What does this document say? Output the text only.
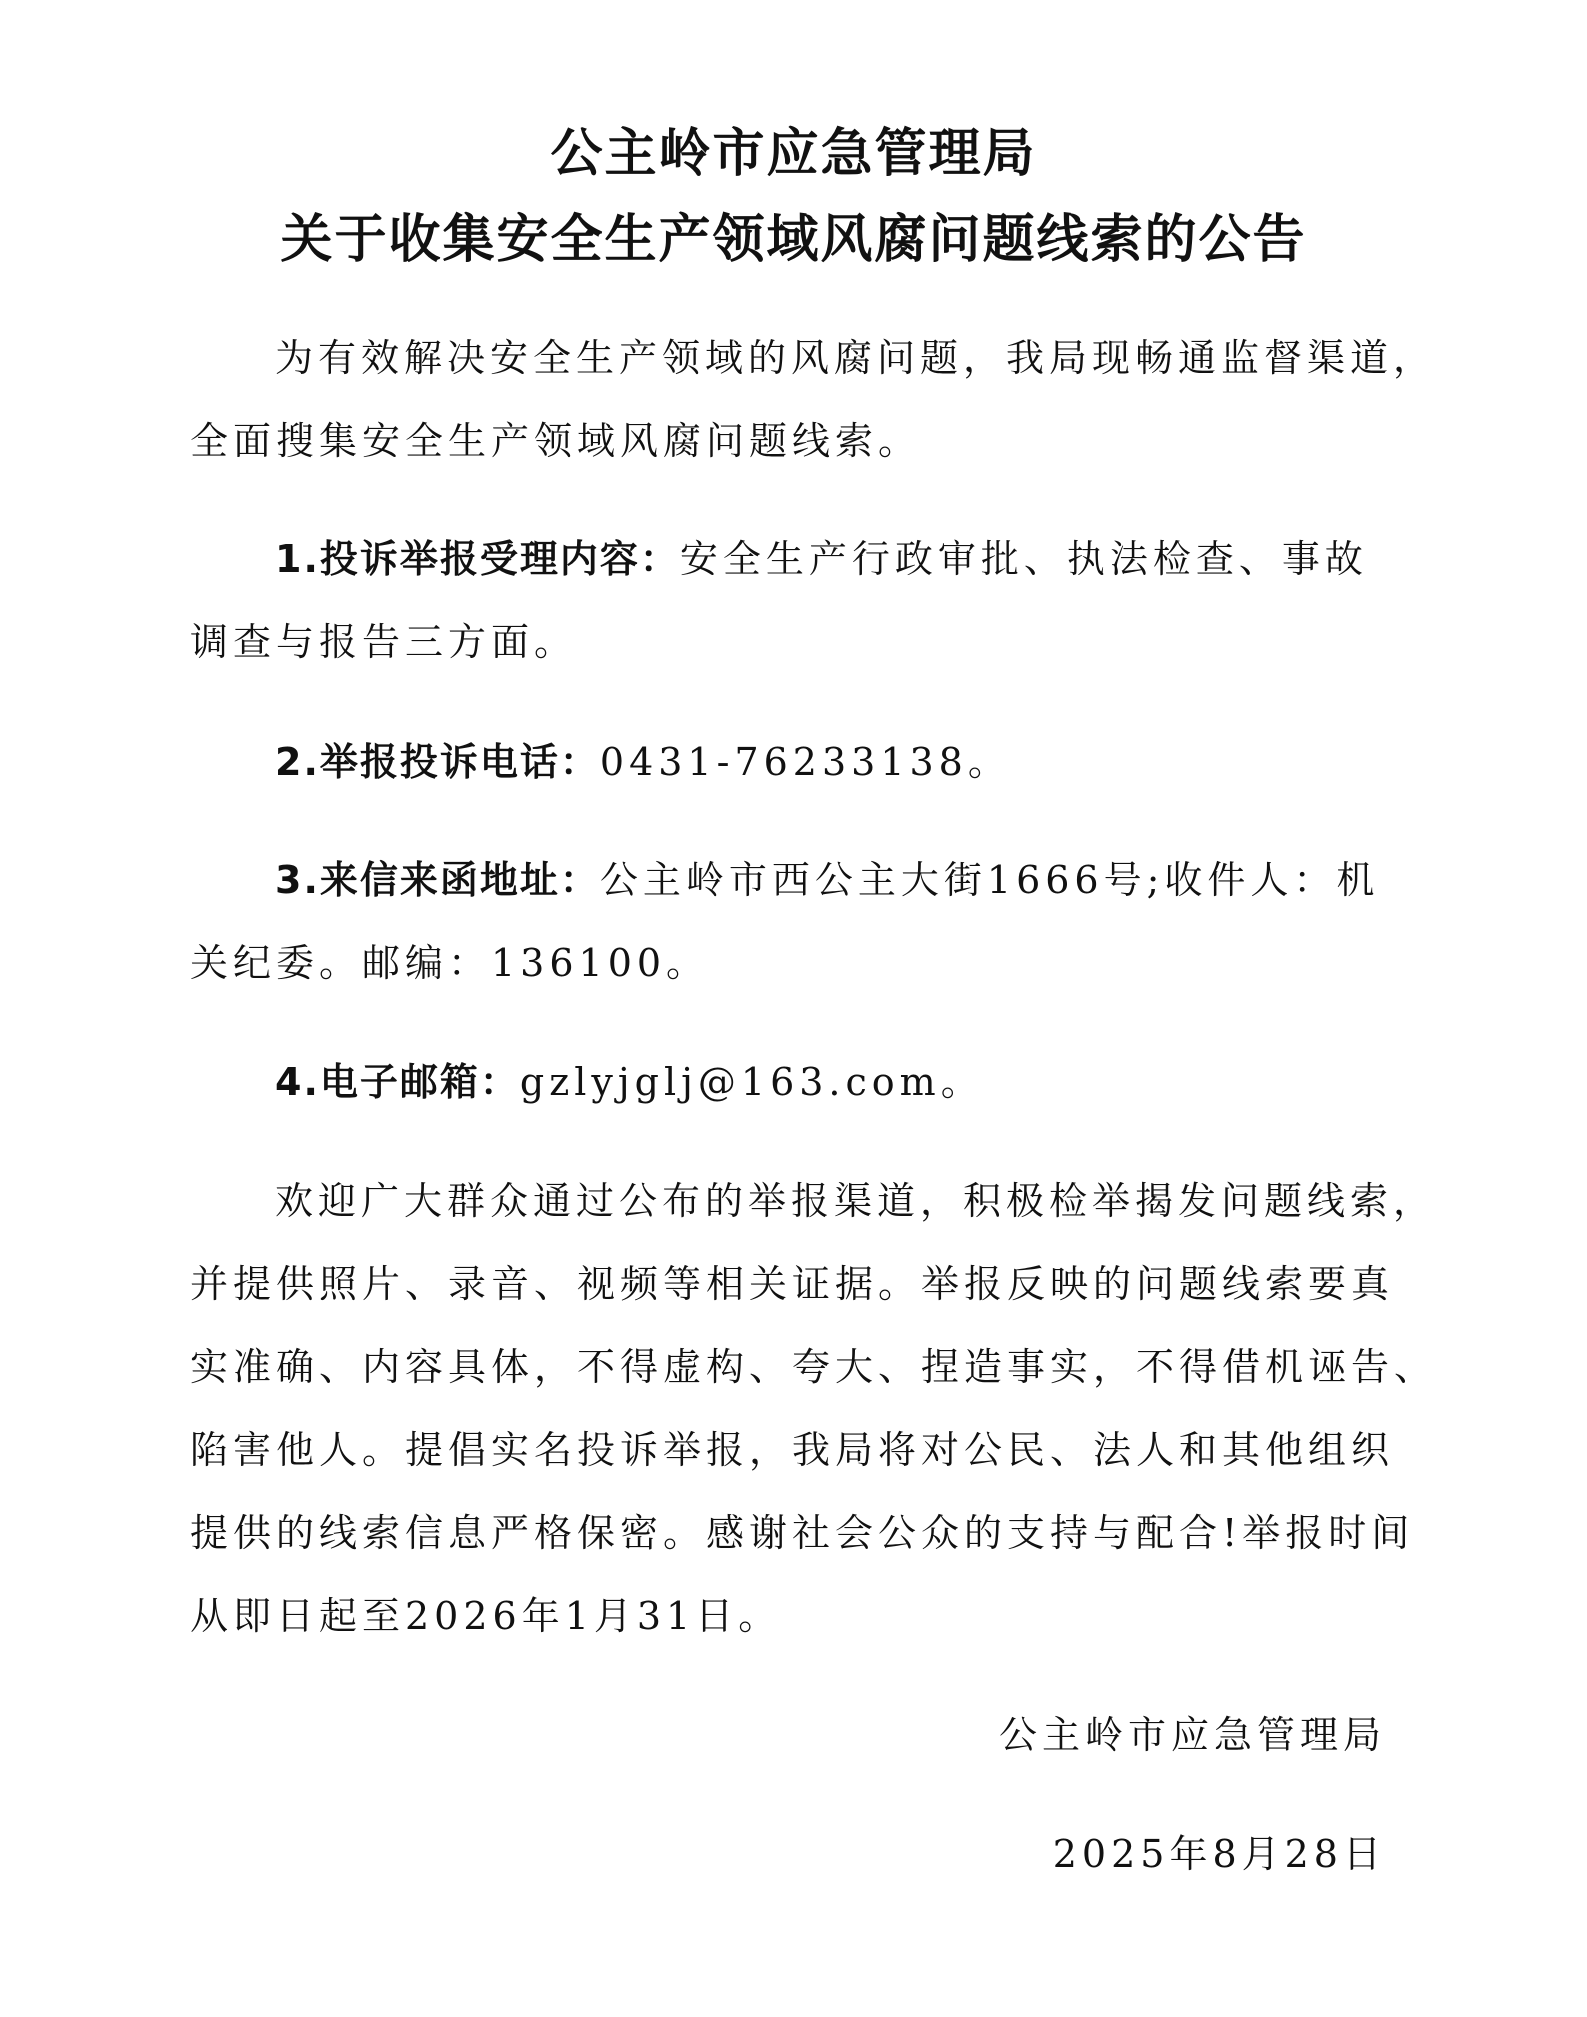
公主岭市应急管理局
关于收集安全生产领域风腐问题线索的公告
为有效解决安全生产领域的风腐问题，我局现畅通监督渠道，
全面搜集安全生产领域风腐问题线索。
1.投诉举报受理内容：安全生产行政审批、执法检查、事故
调查与报告三方面。
2.举报投诉电话：0431-76233138。
3.来信来函地址：公主岭市西公主大街1666号;收件人：机
关纪委。邮编：136100。
4.电子邮箱：gzlyjglj@163.com。
欢迎广大群众通过公布的举报渠道，积极检举揭发问题线索，
并提供照片、录音、视频等相关证据。举报反映的问题线索要真
实准确、内容具体，不得虚构、夸大、捏造事实，不得借机诬告、
陷害他人。提倡实名投诉举报，我局将对公民、法人和其他组织
提供的线索信息严格保密。感谢社会公众的支持与配合!举报时间
从即日起至2026年1月31日。
公主岭市应急管理局
2025年8月28日
